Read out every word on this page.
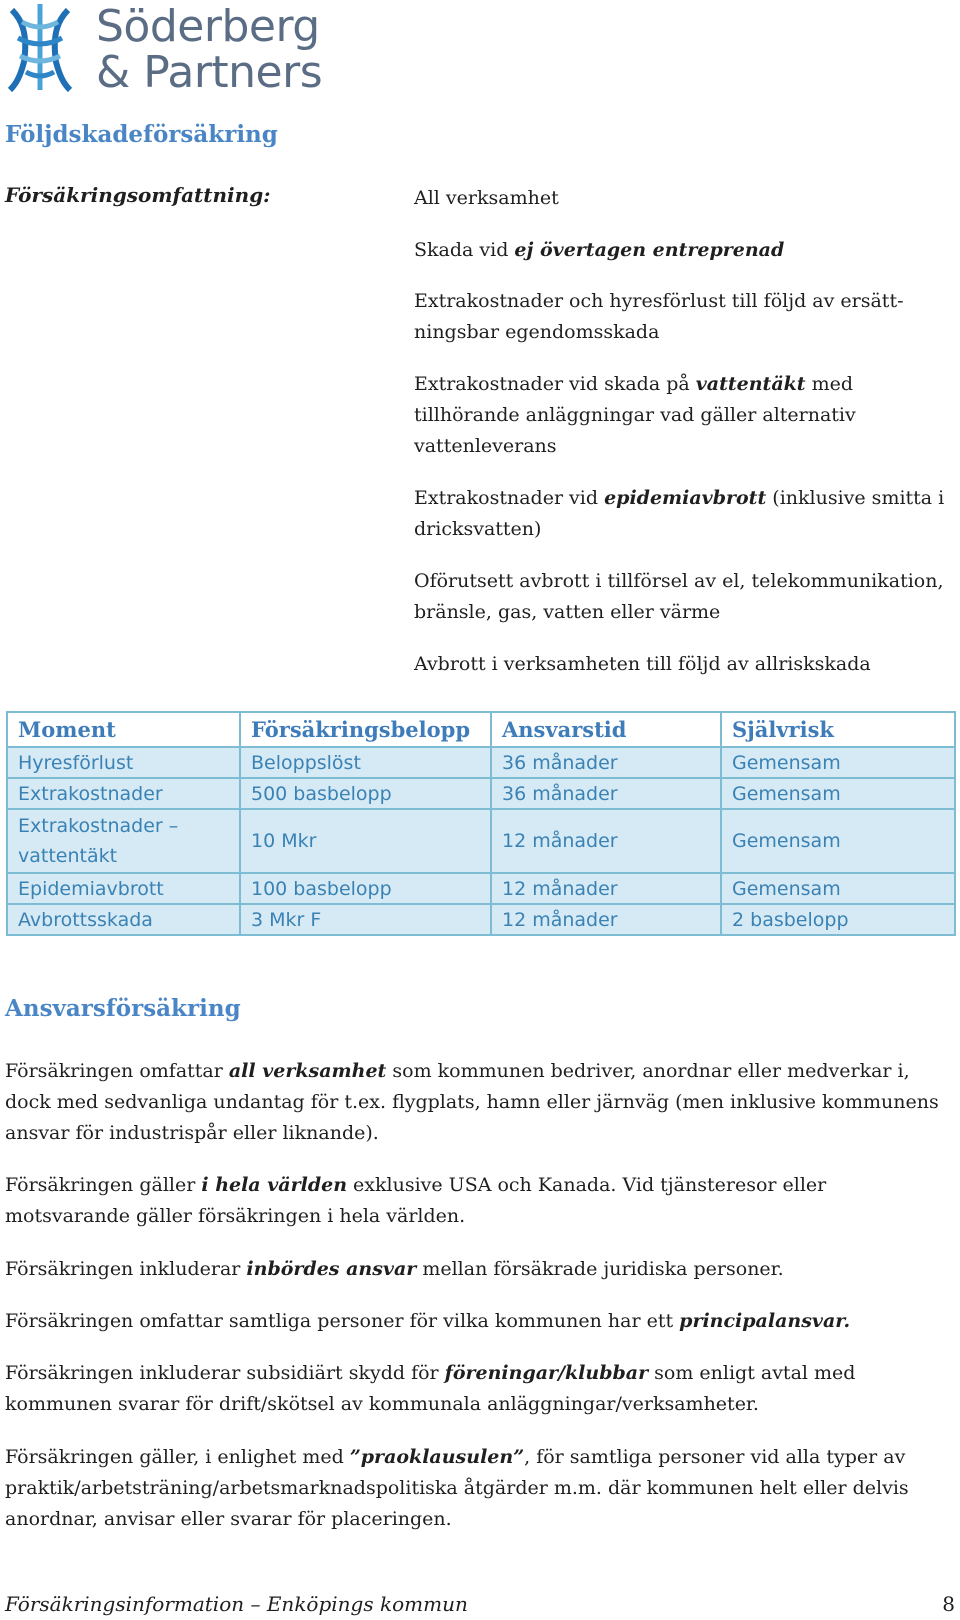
Söderberg
& Partners
Följdskadeförsäkring
Försäkringsomfattning:	All verksamhet

Skada vid ej övertagen entreprenad

Extrakostnader och hyresförlust till följd av ersätt-ningsbar egendomsskada

Extrakostnader vid skada på vattentäkt med tillhörande anläggningar vad gäller alternativ vattenleverans

Extrakostnader vid epidemiavbrott (inklusive smitta i dricksvatten)

Oförutsett avbrott i tillförsel av el, telekommunikation, bränsle, gas, vatten eller värme

Avbrott i verksamheten till följd av allriskskada

Moment	Försäkringsbelopp	Ansvarstid	Självrisk
Hyresförlust	Beloppslöst	36 månader	Gemensam
Extrakostnader	500 basbelopp	36 månader	Gemensam
Extrakostnader – vattentäkt	10 Mkr	12 månader	Gemensam
Epidemiavbrott	100 basbelopp	12 månader	Gemensam
Avbrottsskada	3 Mkr F	12 månader	2 basbelopp
Ansvarsförsäkring

Försäkringen omfattar all verksamhet som kommunen bedriver, anordnar eller medverkar i, dock med sedvanliga undantag för t.ex. flygplats, hamn eller järnväg (men inklusive kommunens ansvar för industrispår eller liknande).

Försäkringen gäller i hela världen exklusive USA och Kanada. Vid tjänsteresor eller motsvarande gäller försäkringen i hela världen.

Försäkringen inkluderar inbördes ansvar mellan försäkrade juridiska personer.

Försäkringen omfattar samtliga personer för vilka kommunen har ett principalansvar.

Försäkringen inkluderar subsidiärt skydd för föreningar/klubbar som enligt avtal med kommunen svarar för drift/skötsel av kommunala anläggningar/verksamheter.

Försäkringen gäller, i enlighet med ”praoklausulen”, för samtliga personer vid alla typer av praktik/arbetsträning/arbetsmarknadspolitiska åtgärder m.m. där kommunen helt eller delvis anordnar, anvisar eller svarar för placeringen.

Försäkringsinformation – Enköpings kommun	8
